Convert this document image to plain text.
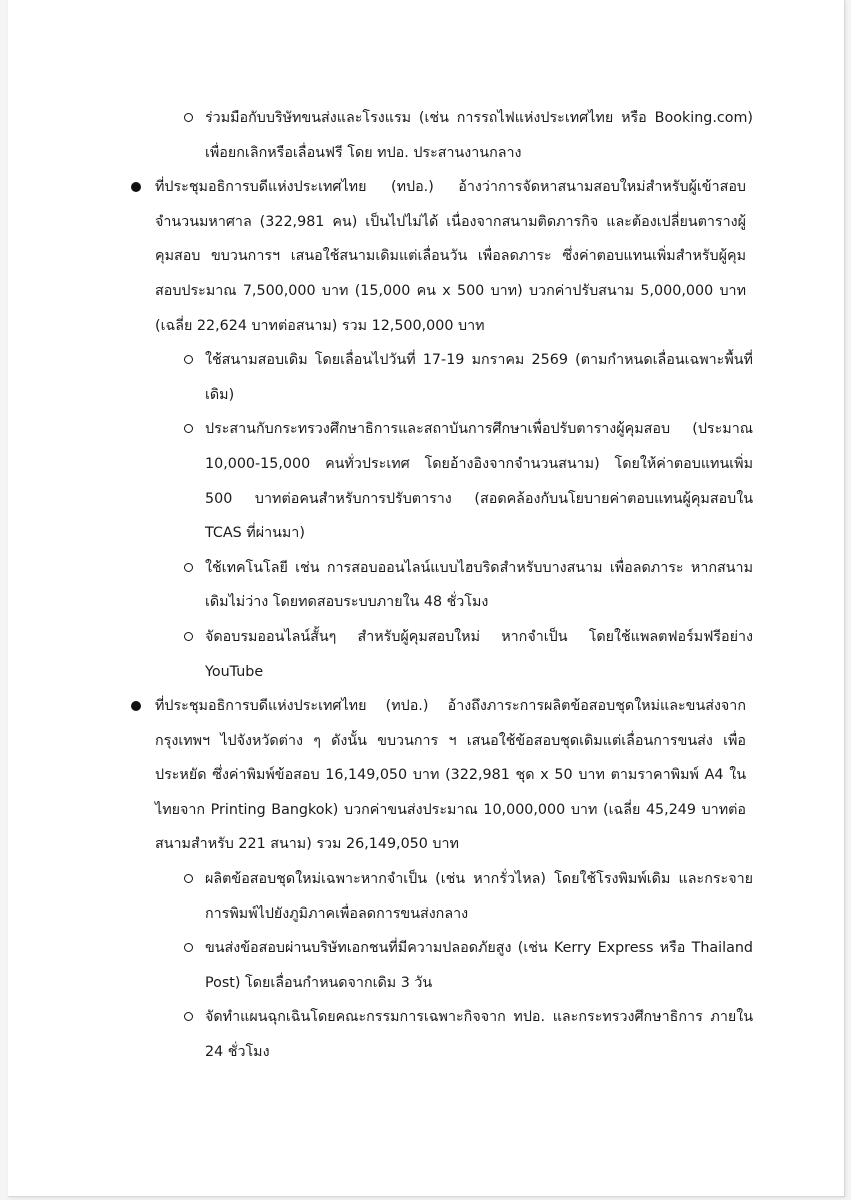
ร่วมมือกับบริษัทขนส่งและโรงแรม (เช่น การรถไฟแห่งประเทศไทย หรือ Booking.com) เพื่อยกเลิกหรือเลื่อนฟรี โดย ทปอ. ประสานงานกลาง
ที่ประชุมอธิการบดีแห่งประเทศไทย (ทปอ.) อ้างว่าการจัดหาสนามสอบใหม่สำหรับผู้เข้าสอบจำนวนมหาศาล (322,981 คน) เป็นไปไม่ได้ เนื่องจากสนามติดภารกิจ และต้องเปลี่ยนตารางผู้คุมสอบ ขบวนการฯ เสนอใช้สนามเดิมแต่เลื่อนวัน เพื่อลดภาระ ซึ่งค่าตอบแทนเพิ่มสำหรับผู้คุมสอบประมาณ 7,500,000 บาท (15,000 คน x 500 บาท) บวกค่าปรับสนาม 5,000,000 บาท (เฉลี่ย 22,624 บาทต่อสนาม) รวม 12,500,000 บาท
ใช้สนามสอบเดิม โดยเลื่อนไปวันที่ 17-19 มกราคม 2569 (ตามกำหนดเลื่อนเฉพาะพื้นที่เดิม)
ประสานกับกระทรวงศึกษาธิการและสถาบันการศึกษาเพื่อปรับตารางผู้คุมสอบ (ประมาณ 10,000-15,000 คนทั่วประเทศ โดยอ้างอิงจากจำนวนสนาม) โดยให้ค่าตอบแทนเพิ่ม 500 บาทต่อคนสำหรับการปรับตาราง (สอดคล้องกับนโยบายค่าตอบแทนผู้คุมสอบใน TCAS ที่ผ่านมา)
ใช้เทคโนโลยี เช่น การสอบออนไลน์แบบไฮบริดสำหรับบางสนาม เพื่อลดภาระ หากสนามเดิมไม่ว่าง โดยทดสอบระบบภายใน 48 ชั่วโมง
จัดอบรมออนไลน์สั้นๆ สำหรับผู้คุมสอบใหม่ หากจำเป็น โดยใช้แพลตฟอร์มฟรีอย่าง YouTube
ที่ประชุมอธิการบดีแห่งประเทศไทย (ทปอ.) อ้างถึงภาระการผลิตข้อสอบชุดใหม่และขนส่งจากกรุงเทพฯ ไปจังหวัดต่าง ๆ ดังนั้น ขบวนการ ฯ เสนอใช้ข้อสอบชุดเดิมแต่เลื่อนการขนส่ง เพื่อประหยัด ซึ่งค่าพิมพ์ข้อสอบ 16,149,050 บาท (322,981 ชุด x 50 บาท ตามราคาพิมพ์ A4 ในไทยจาก Printing Bangkok) บวกค่าขนส่งประมาณ 10,000,000 บาท (เฉลี่ย 45,249 บาทต่อสนามสำหรับ 221 สนาม) รวม 26,149,050 บาท
ผลิตข้อสอบชุดใหม่เฉพาะหากจำเป็น (เช่น หากรั่วไหล) โดยใช้โรงพิมพ์เดิม และกระจายการพิมพ์ไปยังภูมิภาคเพื่อลดการขนส่งกลาง
ขนส่งข้อสอบผ่านบริษัทเอกชนที่มีความปลอดภัยสูง (เช่น Kerry Express หรือ Thailand Post) โดยเลื่อนกำหนดจากเดิม 3 วัน
จัดทำแผนฉุกเฉินโดยคณะกรรมการเฉพาะกิจจาก ทปอ. และกระทรวงศึกษาธิการ ภายใน 24 ชั่วโมง
